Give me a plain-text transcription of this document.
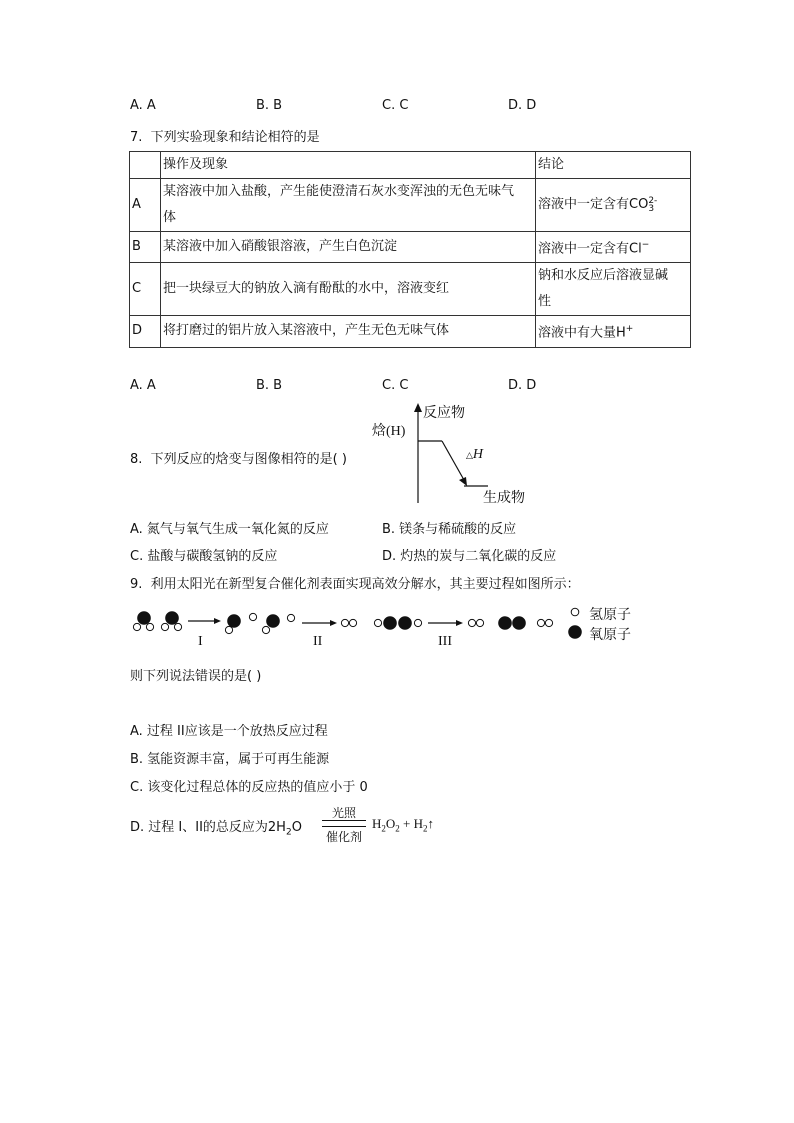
A. A	B. B	C. C	D. D
7. 下列实验现象和结论相符的是
	操作及现象	结论
A	某溶液中加入盐酸，产生能使澄清石灰水变浑浊的无色无味气
体	溶液中一定含有CO 2-
3

B	某溶液中加入硝酸银溶液，产生白色沉淀	溶液中一定含有Cl−
C	把一块绿豆大的钠放入滴有酚酞的水中，溶液变红	钠和水反应后溶液显碱
性
D	将打磨过的铝片放入某溶液中，产生无色无味气体	溶液中有大量H+
A. A	B. B	C. C	D. D
8. 下列反应的焓变与图像相符的是( )
焓(H)
反应物
△H
生成物
A. 氮气与氧气生成一氧化氮的反应	B. 镁条与稀硫酸的反应
C. 盐酸与碳酸氢钠的反应	D. 灼热的炭与二氧化碳的反应
9. 利用太阳光在新型复合催化剂表面实现高效分解水，其主要过程如图所示：
I	II	III
氢原子
氧原子
则下列说法错误的是( )
A. 过程 II应该是一个放热反应过程
B. 氢能资源丰富，属于可再生能源
C. 该变化过程总体的反应热的值应小于 0
D. 过程 I、II的总反应为$2H_2O$
光照
催化剂
$H_2O_2$ + $H_2↑$
